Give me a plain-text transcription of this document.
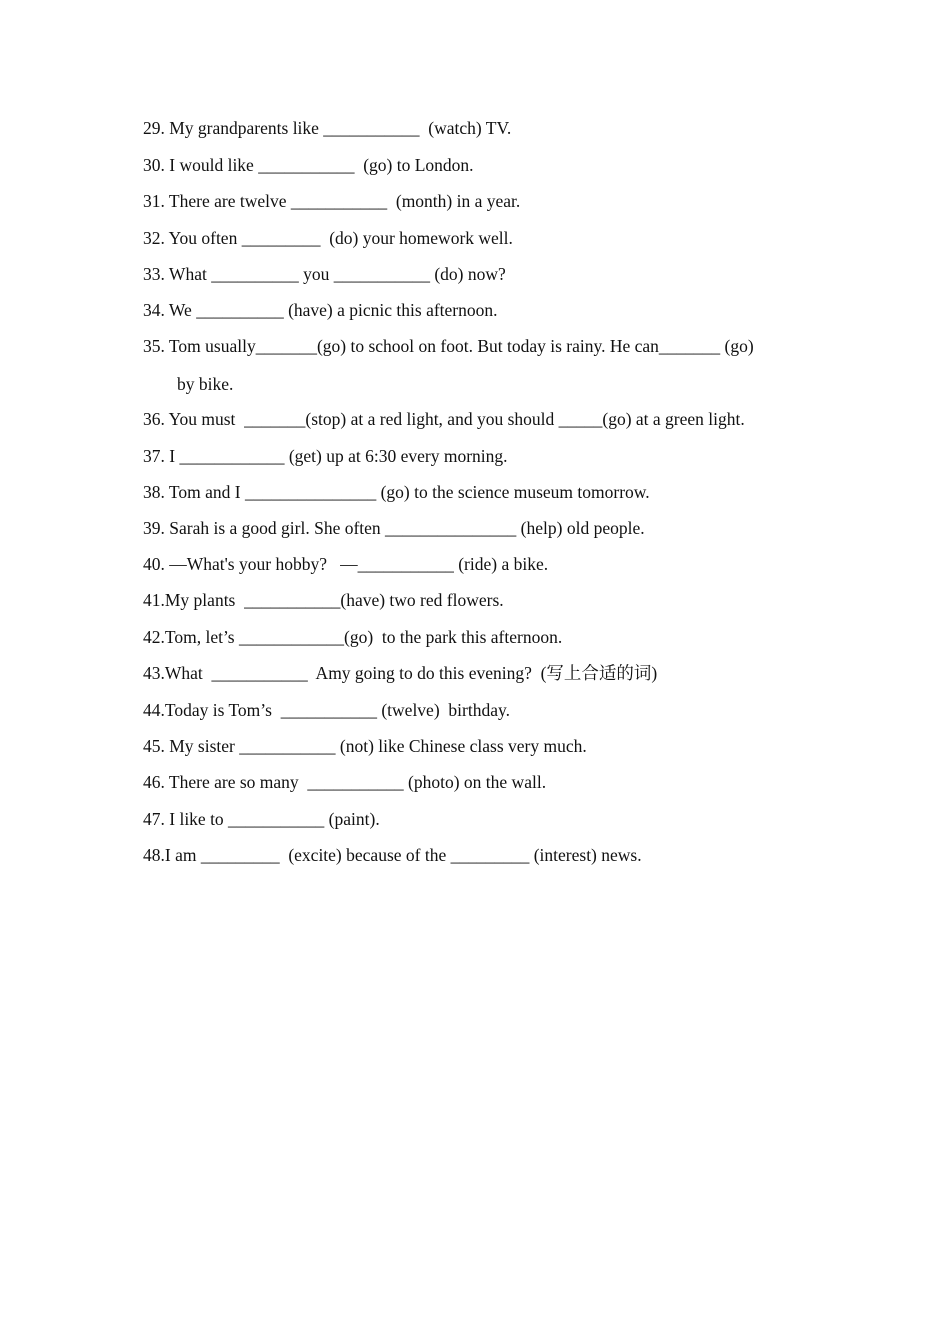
29. My grandparents like ___________  (watch) TV.

30. I would like ___________  (go) to London.

31. There are twelve ___________  (month) in a year.

32. You often _________  (do) your homework well.

33. What __________ you ___________ (do) now?

34. We __________ (have) a picnic this afternoon.

35. Tom usually_______(go) to school on foot. But today is rainy. He can_______ (go)

by bike.

36. You must  _______(stop) at a red light, and you should _____(go) at a green light.

37. I ____________ (get) up at 6:30 every morning.

38. Tom and I _______________ (go) to the science museum tomorrow.

39. Sarah is a good girl. She often _______________ (help) old people.

40. —What's your hobby?   —___________ (ride) a bike.

41.My plants  ___________(have) two red flowers.

42.Tom, let’s ____________(go)  to the park this afternoon.

43.What  ___________  Amy going to do this evening?  (写上合适的词)

44.Today is Tom’s  ___________ (twelve)  birthday.

45. My sister ___________ (not) like Chinese class very much.

46. There are so many  ___________ (photo) on the wall.

47. I like to ___________ (paint).

48.I am _________  (excite) because of the _________ (interest) news.
